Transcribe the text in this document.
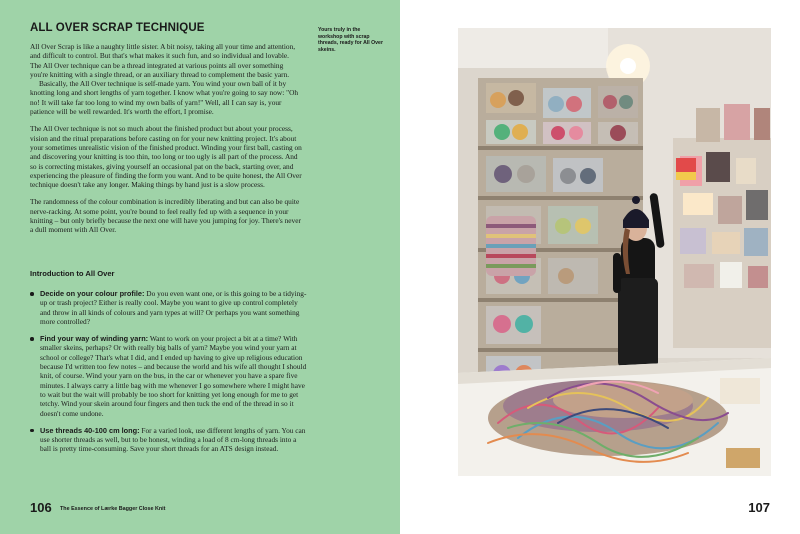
ALL OVER SCRAP TECHNIQUE

All Over Scrap is like a naughty little sister. A bit noisy, taking all your time and attention, and difficult to control. But that's what makes it such fun, and so individual and lovable. The All Over technique can be a thread integrated at various points all over something you're knitting with a single thread, or an auxiliary thread to complement the basic yarn.

Basically, the All Over technique is self-made yarn. You wind your own ball of it by knotting long and short lengths of yarn together. I know what you're going to say now: "Oh no! It will take far too long to wind my own balls of yarn!" Well, all I can say is, your patience will be well rewarded. It's worth the effort, I promise.

The All Over technique is not so much about the finished product but about your process, vision and the ritual preparations before casting on for your new knitting project. It's about your sometimes unrealistic vision of the finished product. Winding your first ball, casting on and discovering your knitting is too thin, too long or too ugly is all part of the process. And so is correcting mistakes, giving yourself an occasional pat on the back, starting over, and experiencing the pleasure of finding the form you want. And to be quite honest, the All Over technique doesn't take any longer. Making things by hand just is a slow process.

The randomness of the colour combination is incredibly liberating and but can also be quite nerve-racking. At some point, you're bound to feel really fed up with a sequence in your knitting – but only briefly because the next one will have you jumping for joy. There's never a dull moment with All Over.

Introduction to All Over
Decide on your colour profile: Do you even want one, or is this going to be a tidying-up or trash project? Either is really cool. Maybe you want to give up control completely and throw in all kinds of colours and yarn types at will? Or perhaps you want something more controlled?
Find your way of winding yarn: Want to work on your project a bit at a time? With smaller skeins, perhaps? Or with really big balls of yarn? Maybe you wind your yarn at school or college? That's what I did, and I ended up having to give up religious education because I'd written too few notes – and because the world and his wife all thought I should knit, of course. Wind your yarn on the bus, in the car or whenever you have a spare five minutes. I always carry a little bag with me whenever I go somewhere where I might have to wait but the wait will probably be too short for knitting yet long enough for me to get tetchy. Wind your skein around four fingers and then tuck the end of the thread in so it doesn't come undone.
Use threads 40-100 cm long: For a varied look, use different lengths of yarn. You can use shorter threads as well, but to be honest, winding a load of 8 cm-long threads into a ball is pretty time-consuming. Save your short threads for an ATS design instead.
Yours truly in the workshop with scrap threads, ready for All Over skeins.
106 The Essence of Lærke Bagger Close Knit	107
